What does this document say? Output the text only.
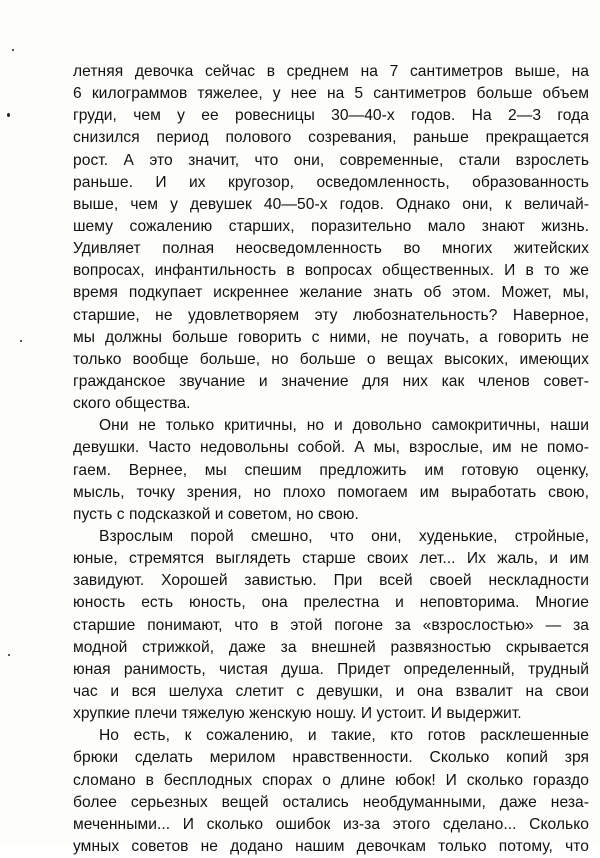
летняя девочка сейчас в среднем на 7 сантиметров выше, на
6 килограммов тяжелее, у нее на 5 сантиметров больше объем
груди, чем у ее ровесницы 30—40-х годов. На 2—3 года
снизился период полового созревания, раньше прекращается
рост. А это значит, что они, современные, стали взрослеть
раньше. И их кругозор, осведомленность, образованность
выше, чем у девушек 40—50-х годов. Однако они, к величай-
шему сожалению старших, поразительно мало знают жизнь.
Удивляет полная неосведомленность во многих житейских
вопросах, инфантильность в вопросах общественных. И в то же
время подкупает искреннее желание знать об этом. Может, мы,
старшие, не удовлетворяем эту любознательность? Наверное,
мы должны больше говорить с ними, не поучать, а говорить не
только вообще больше, но больше о вещах высоких, имеющих
гражданское звучание и значение для них как членов совет-
ского общества.
Они не только критичны, но и довольно самокритичны, наши
девушки. Часто недовольны собой. А мы, взрослые, им не помо-
гаем. Вернее, мы спешим предложить им готовую оценку,
мысль, точку зрения, но плохо помогаем им выработать свою,
пусть с подсказкой и советом, но свою.
Взрослым порой смешно, что они, худенькие, стройные,
юные, стремятся выглядеть старше своих лет... Их жаль, и им
завидуют. Хорошей завистью. При всей своей нескладности
юность есть юность, она прелестна и неповторима. Многие
старшие понимают, что в этой погоне за «взрослостью» — за
модной стрижкой, даже за внешней развязностью скрывается
юная ранимость, чистая душа. Придет определенный, трудный
час и вся шелуха слетит с девушки, и она взвалит на свои
хрупкие плечи тяжелую женскую ношу. И устоит. И выдержит.
Но есть, к сожалению, и такие, кто готов расклешенные
брюки сделать мерилом нравственности. Сколько копий зря
сломано в бесплодных спорах о длине юбок! И сколько гораздо
более серьезных вещей остались необдуманными, даже неза-
меченными... И сколько ошибок из-за этого сделано... Сколько
умных советов не додано нашим девочкам только потому, что
